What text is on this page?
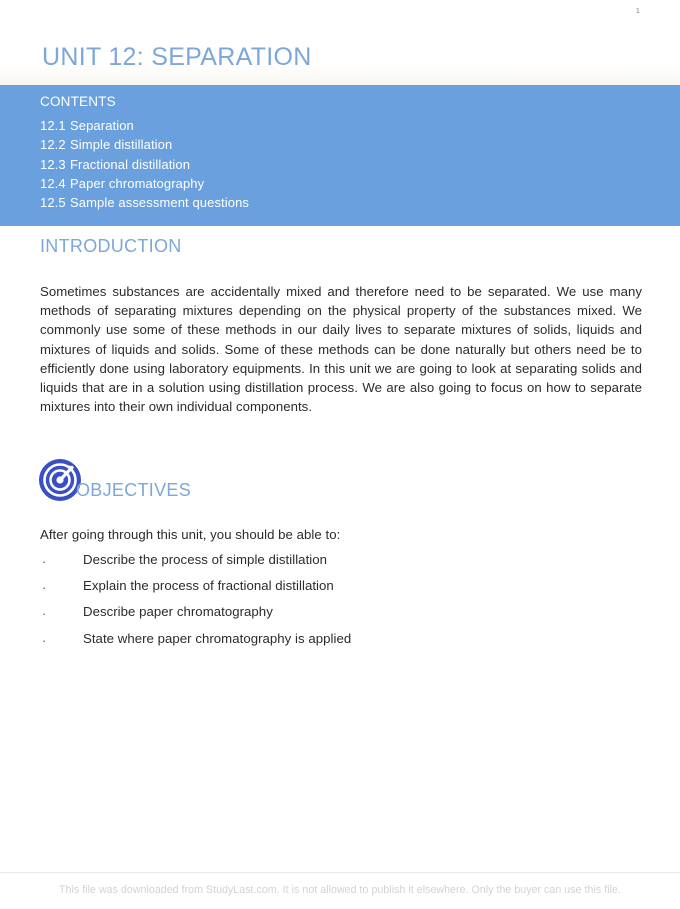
1
UNIT 12: SEPARATION
CONTENTS
12.1 Separation
12.2 Simple distillation
12.3 Fractional distillation
12.4 Paper chromatography
12.5 Sample assessment questions
INTRODUCTION

Sometimes substances are accidentally mixed and therefore need to be separated. We use many methods of separating mixtures depending on the physical property of the substances mixed. We commonly use some of these methods in our daily lives to separate mixtures of solids, liquids and mixtures of liquids and solids. Some of these methods can be done naturally but others need be to efficiently done using laboratory equipments. In this unit we are going to look at separating solids and liquids that are in a solution using distillation process. We are also going to focus on how to separate mixtures into their own individual components.

OBJECTIVES
After going through this unit, you should be able to:
·	Describe the process of simple distillation
·	Explain the process of fractional distillation
·	Describe paper chromatography
·	State where paper chromatography is applied
This file was downloaded from StudyLast.com. It is not allowed to publish it elsewhere. Only the buyer can use this file.
